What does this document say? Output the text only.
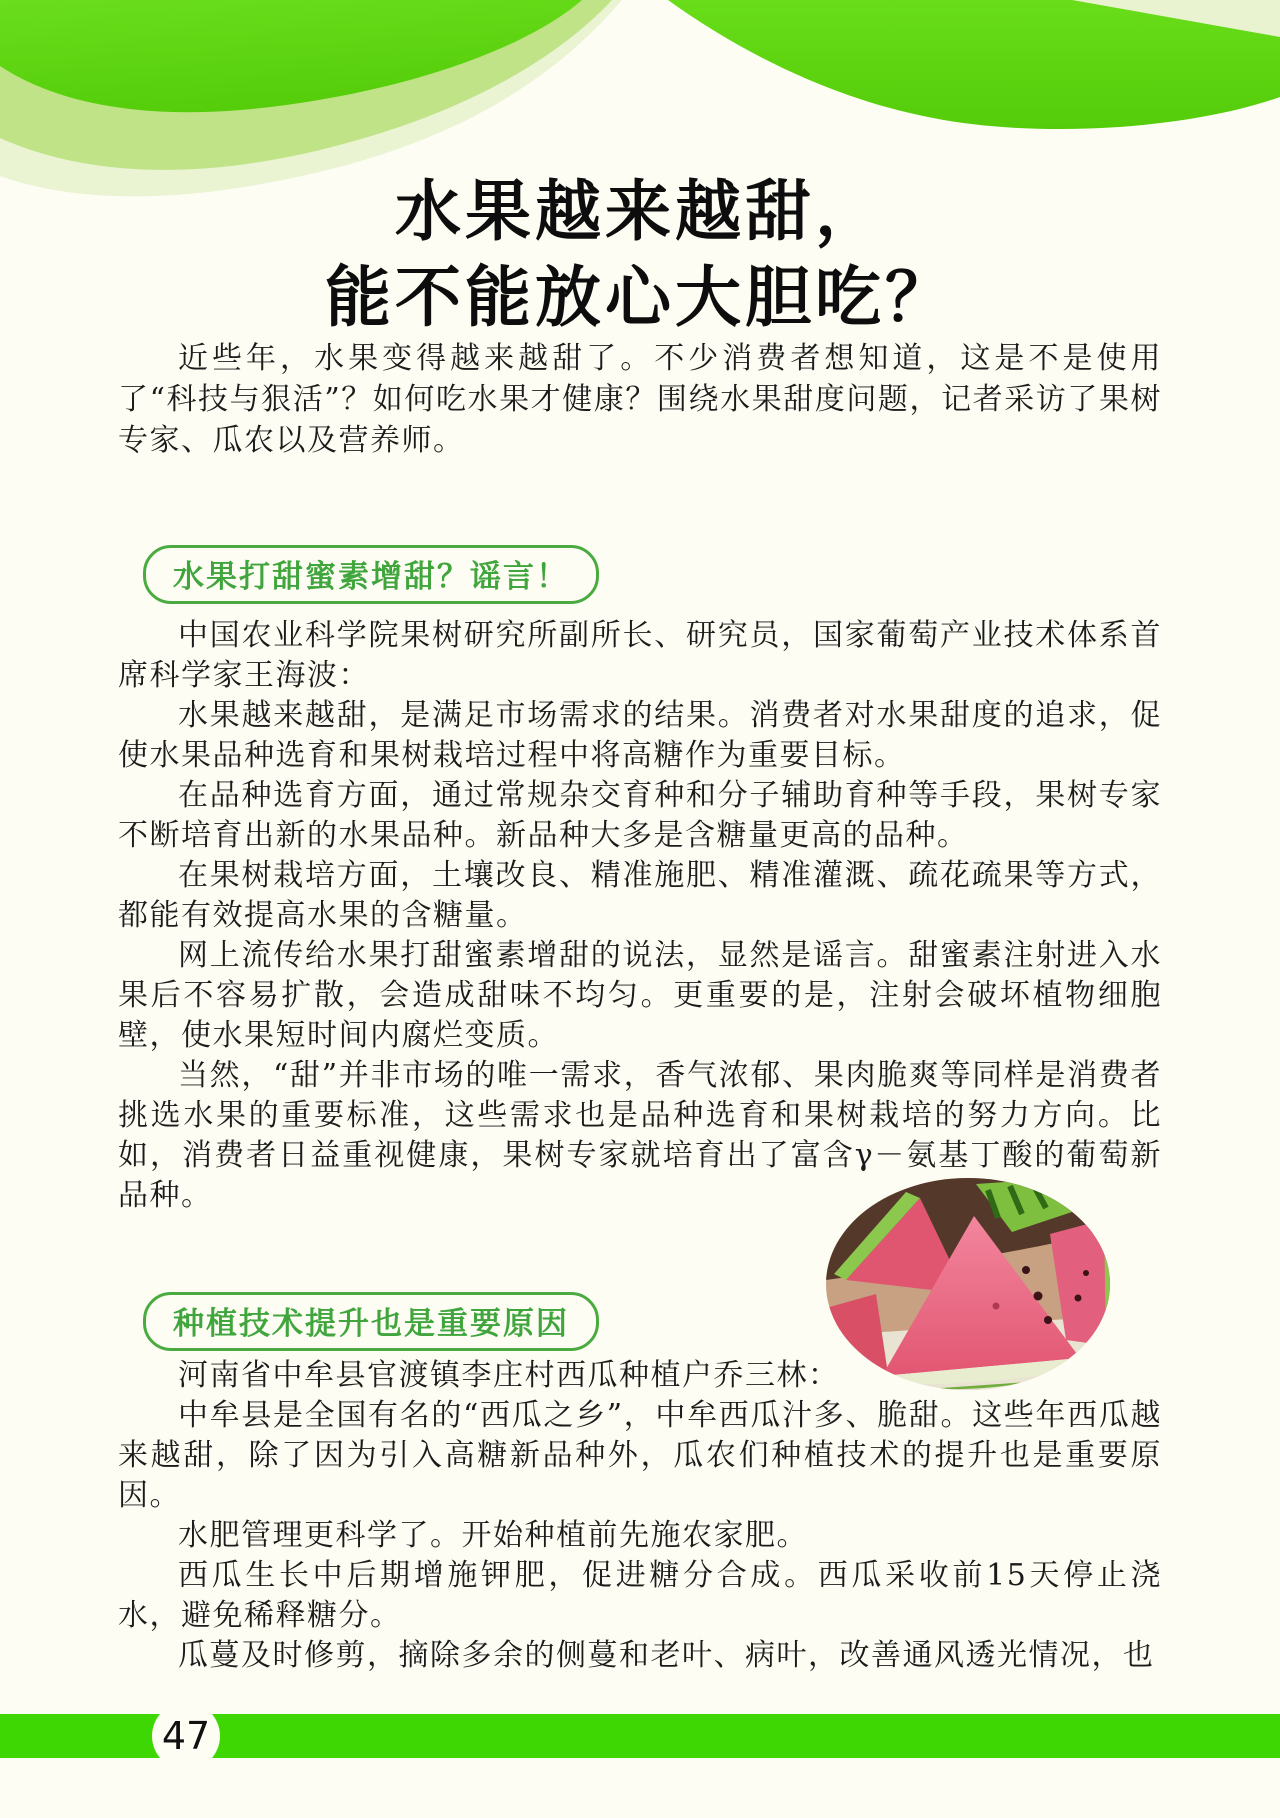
水果越来越甜，
能不能放心大胆吃？

近些年，水果变得越来越甜了。不少消费者想知道，这是不是使用了“科技与狠活”？如何吃水果才健康？围绕水果甜度问题，记者采访了果树专家、瓜农以及营养师。

水果打甜蜜素增甜？谣言！

中国农业科学院果树研究所副所长、研究员，国家葡萄产业技术体系首席科学家王海波：

水果越来越甜，是满足市场需求的结果。消费者对水果甜度的追求，促使水果品种选育和果树栽培过程中将高糖作为重要目标。

在品种选育方面，通过常规杂交育种和分子辅助育种等手段，果树专家不断培育出新的水果品种。新品种大多是含糖量更高的品种。

在果树栽培方面，土壤改良、精准施肥、精准灌溉、疏花疏果等方式，都能有效提高水果的含糖量。

网上流传给水果打甜蜜素增甜的说法，显然是谣言。甜蜜素注射进入水果后不容易扩散，会造成甜味不均匀。更重要的是，注射会破坏植物细胞壁，使水果短时间内腐烂变质。

当然，“甜”并非市场的唯一需求，香气浓郁、果肉脆爽等同样是消费者挑选水果的重要标准，这些需求也是品种选育和果树栽培的努力方向。比如，消费者日益重视健康，果树专家就培育出了富含γ－氨基丁酸的葡萄新品种。

种植技术提升也是重要原因

河南省中牟县官渡镇李庄村西瓜种植户乔三林：

中牟县是全国有名的“西瓜之乡”，中牟西瓜汁多、脆甜。这些年西瓜越来越甜，除了因为引入高糖新品种外，瓜农们种植技术的提升也是重要原因。

水肥管理更科学了。开始种植前先施农家肥。

西瓜生长中后期增施钾肥，促进糖分合成。西瓜采收前15天停止浇水，避免稀释糖分。

瓜蔓及时修剪，摘除多余的侧蔓和老叶、病叶，改善通风透光情况，也

47
